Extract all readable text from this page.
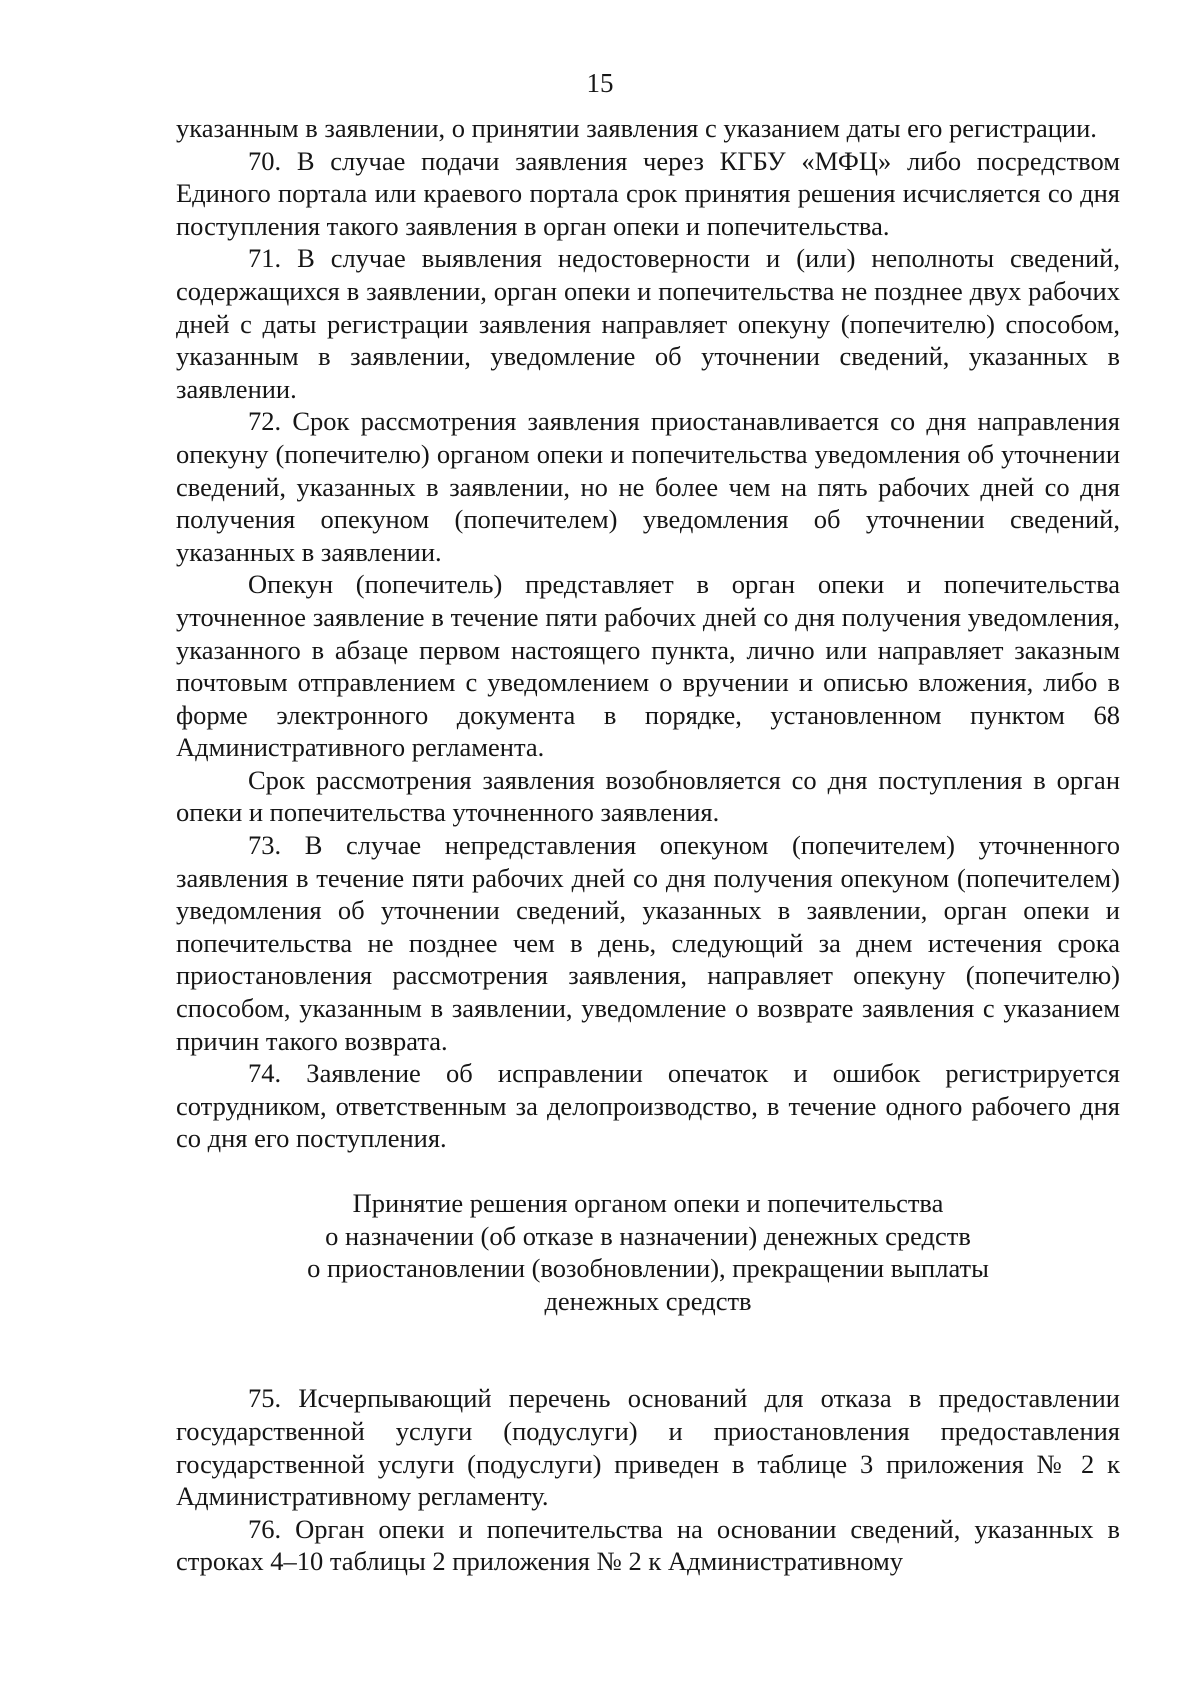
15

указанным в заявлении, о принятии заявления с указанием даты его регистрации.

70. В случае подачи заявления через КГБУ «МФЦ» либо посредством Единого портала или краевого портала срок принятия решения исчисляется со дня поступления такого заявления в орган опеки и попечительства.

71. В случае выявления недостоверности и (или) неполноты сведений, содержащихся в заявлении, орган опеки и попечительства не позднее двух рабочих дней с даты регистрации заявления направляет опекуну (попечителю) способом, указанным в заявлении, уведомление об уточнении сведений, указанных в заявлении.

72. Срок рассмотрения заявления приостанавливается со дня направления опекуну (попечителю) органом опеки и попечительства уведомления об уточнении сведений, указанных в заявлении, но не более чем на пять рабочих дней со дня получения опекуном (попечителем) уведомления об уточнении сведений, указанных в заявлении.

Опекун (попечитель) представляет в орган опеки и попечительства уточненное заявление в течение пяти рабочих дней со дня получения уведомления, указанного в абзаце первом настоящего пункта, лично или направляет заказным почтовым отправлением с уведомлением о вручении и описью вложения, либо в форме электронного документа в порядке, установленном пунктом 68 Административного регламента.

Срок рассмотрения заявления возобновляется со дня поступления в орган опеки и попечительства уточненного заявления.

73. В случае непредставления опекуном (попечителем) уточненного заявления в течение пяти рабочих дней со дня получения опекуном (попечителем) уведомления об уточнении сведений, указанных в заявлении, орган опеки и попечительства не позднее чем в день, следующий за днем истечения срока приостановления рассмотрения заявления, направляет опекуну (попечителю) способом, указанным в заявлении, уведомление о возврате заявления с указанием причин такого возврата.

74. Заявление об исправлении опечаток и ошибок регистрируется сотрудником, ответственным за делопроизводство, в течение одного рабочего дня со дня его поступления.

Принятие решения органом опеки и попечительства
о назначении (об отказе в назначении) денежных средств
о приостановлении (возобновлении), прекращении выплаты
денежных средств

75. Исчерпывающий перечень оснований для отказа в предоставлении государственной услуги (подуслуги) и приостановления предоставления государственной услуги (подуслуги) приведен в таблице 3 приложения № 2 к Административному регламенту.

76. Орган опеки и попечительства на основании сведений, указанных в строках 4–10 таблицы 2 приложения № 2 к Административному
